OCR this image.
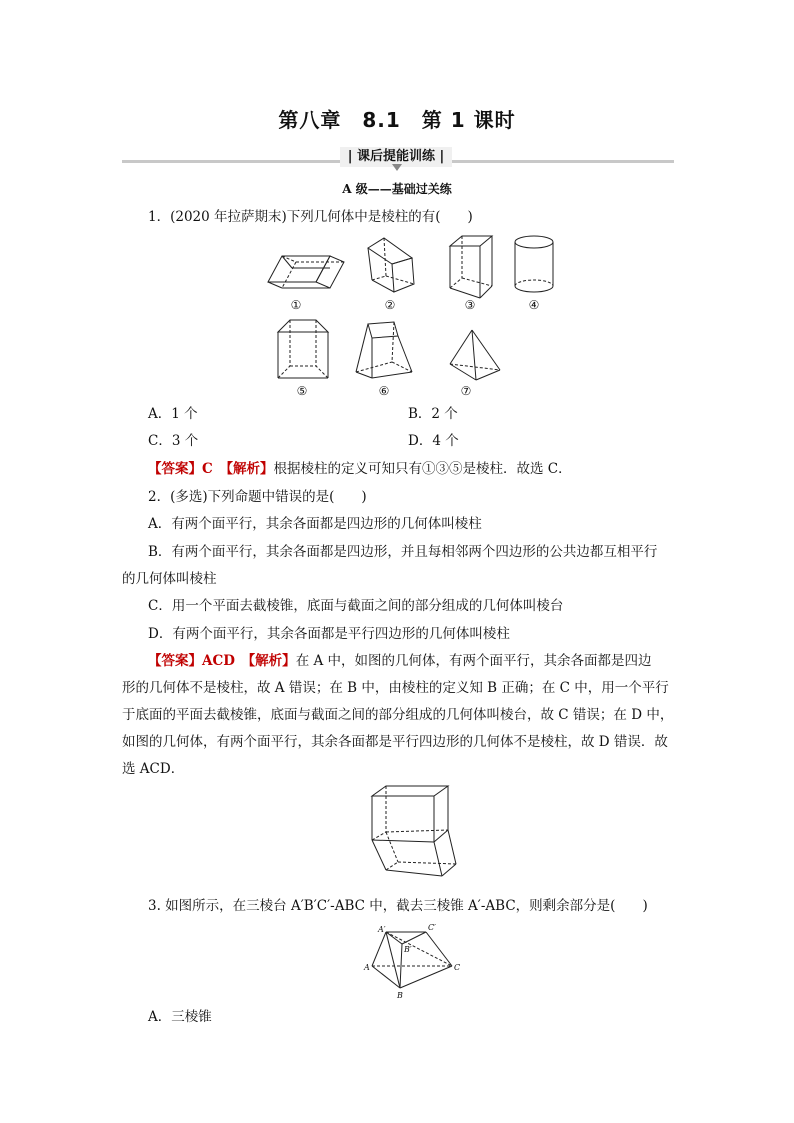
第八章　8.1　第 1 课时
| 课后提能训练 |
A 级——基础过关练
1．(2020 年拉萨期末)下列几何体中是棱柱的有(　　)
①	②	③	④
⑤	⑥	⑦
A．1 个	B．2 个
C．3 个	D．4 个
【答案】C　【解析】根据棱柱的定义可知只有①③⑤是棱柱．故选 C．
2．(多选)下列命题中错误的是(　　)
A．有两个面平行，其余各面都是四边形的几何体叫棱柱
B．有两个面平行，其余各面都是四边形，并且每相邻两个四边形的公共边都互相平行
的几何体叫棱柱
C．用一个平面去截棱锥，底面与截面之间的部分组成的几何体叫棱台
D．有两个面平行，其余各面都是平行四边形的几何体叫棱柱
【答案】ACD　【解析】在 A 中，如图的几何体，有两个面平行，其余各面都是四边
形的几何体不是棱柱，故 A 错误；在 B 中，由棱柱的定义知 B 正确；在 C 中，用一个平行
于底面的平面去截棱锥，底面与截面之间的部分组成的几何体叫棱台，故 C 错误；在 D 中，
如图的几何体，有两个面平行，其余各面都是平行四边形的几何体不是棱柱，故 D 错误．故
选 ACD．
3. 如图所示，在三棱台 A′B′C′-ABC 中，截去三棱锥 A′-ABC，则剩余部分是(　　)
A′
B′
C′
A
B
C
A．三棱锥
